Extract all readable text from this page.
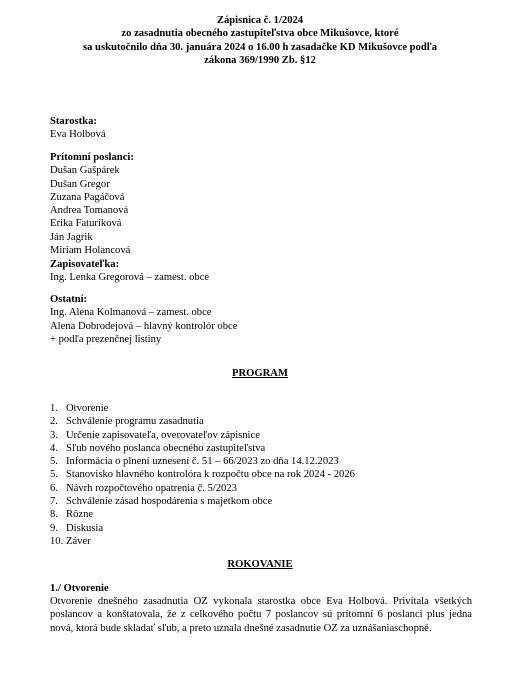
Zápisnica č. 1/2024
zo zasadnutia obecného zastupiteľstva obce Mikušovce, ktoré
sa uskutočnilo dňa 30. januára 2024 o 16.00 h zasadačke KD Mikušovce podľa
zákona 369/1990 Zb. §12
Starostka:
Eva Holbová
Prítomní poslanci:
Dušan Gašpárek
Dušan Gregor
Zuzana Pagáčová
Andrea Tomanová
Erika Faturíková
Ján Jagrik
Miriam Holancová
Zapisovateľka:
Ing. Lenka Gregorová – zamest. obce
Ostatní:
Ing. Alena Kolmanová – zamest. obce
Alena Dobrodejová – hlavný kontrolór obce
+ podľa prezenčnej listiny
PROGRAM
1. Otvorenie
2. Schválenie programu zasadnutia
3. Určenie zapisovateľa, overovateľov zápisnice
4. Sľub nového poslanca obecného zastupiteľstva
5. Informácia o plnení uznesení č. 51 – 66/2023 zo dňa 14.12.2023
5. Stanovisko hlavného kontrolóra k rozpočtu obce na rok 2024 - 2026
6. Návrh rozpočtového opatrenia č. 5/2023
7. Schválenie zásad hospodárenia s majetkom obce
8. Rôzne
9. Diskusia
10. Záver
ROKOVANIE
1./ Otvorenie
Otvorenie dnešného zasadnutia OZ vykonala starostka obce Eva Holbová. Privítala všetkých poslancov a konštatovala, že z celkového počtu 7 poslancov sú prítomní 6 poslanci plus jedna nová, ktorá bude skladať sľub, a preto uznala dnešné zasadnutie OZ za uznášaniaschopné.
